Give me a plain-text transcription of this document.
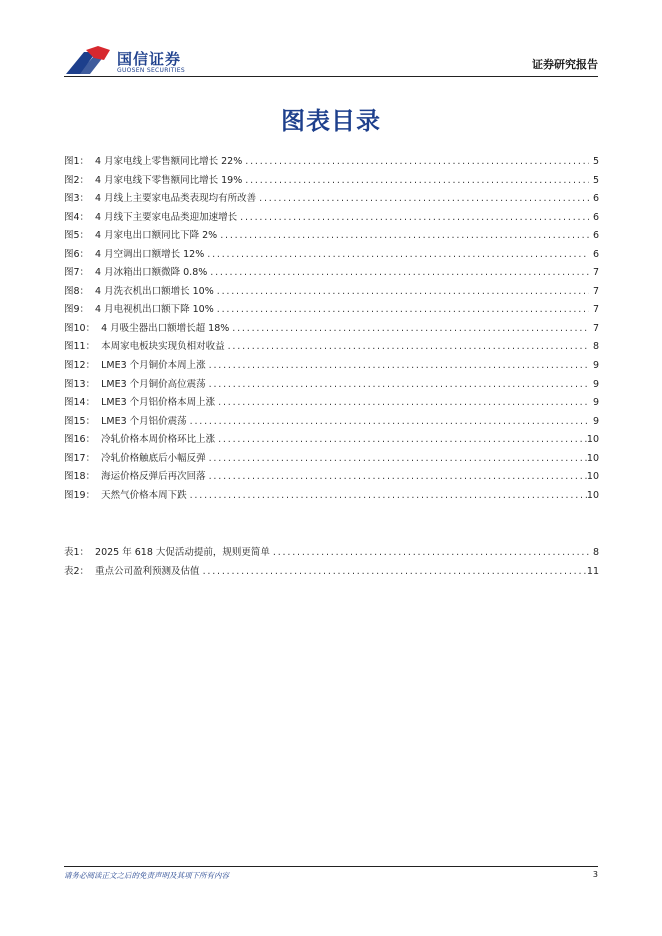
国信证券
GUOSEN SECURITIES	证券研究报告
图表目录
图1： 4 月家电线上零售额同比增长 22% .....	5
图2： 4 月家电线下零售额同比增长 19% .....	5
图3： 4 月线上主要家电品类表现均有所改善 .....	6
图4： 4 月线下主要家电品类迎加速增长 .....	6
图5： 4 月家电出口额同比下降 2% .....	6
图6： 4 月空调出口额增长 12% .....	6
图7： 4 月冰箱出口额微降 0.8% .....	7
图8： 4 月洗衣机出口额增长 10% .....	7
图9： 4 月电视机出口额下降 10% .....	7
图10： 4 月吸尘器出口额增长超 18% .....	7
图11： 本周家电板块实现负相对收益 .....	8
图12： LME3 个月铜价本周上涨 .....	9
图13： LME3 个月铜价高位震荡 .....	9
图14： LME3 个月铝价格本周上涨 .....	9
图15： LME3 个月铝价震荡 .....	9
图16： 冷轧价格本周价格环比上涨 .....	10
图17： 冷轧价格触底后小幅反弹 .....	10
图18： 海运价格反弹后再次回落 .....	10
图19： 天然气价格本周下跌 .....	10
表1： 2025 年 618 大促活动提前，规则更简单 .....	8
表2： 重点公司盈利预测及估值 .....	11
请务必阅读正文之后的免责声明及其项下所有内容	3
